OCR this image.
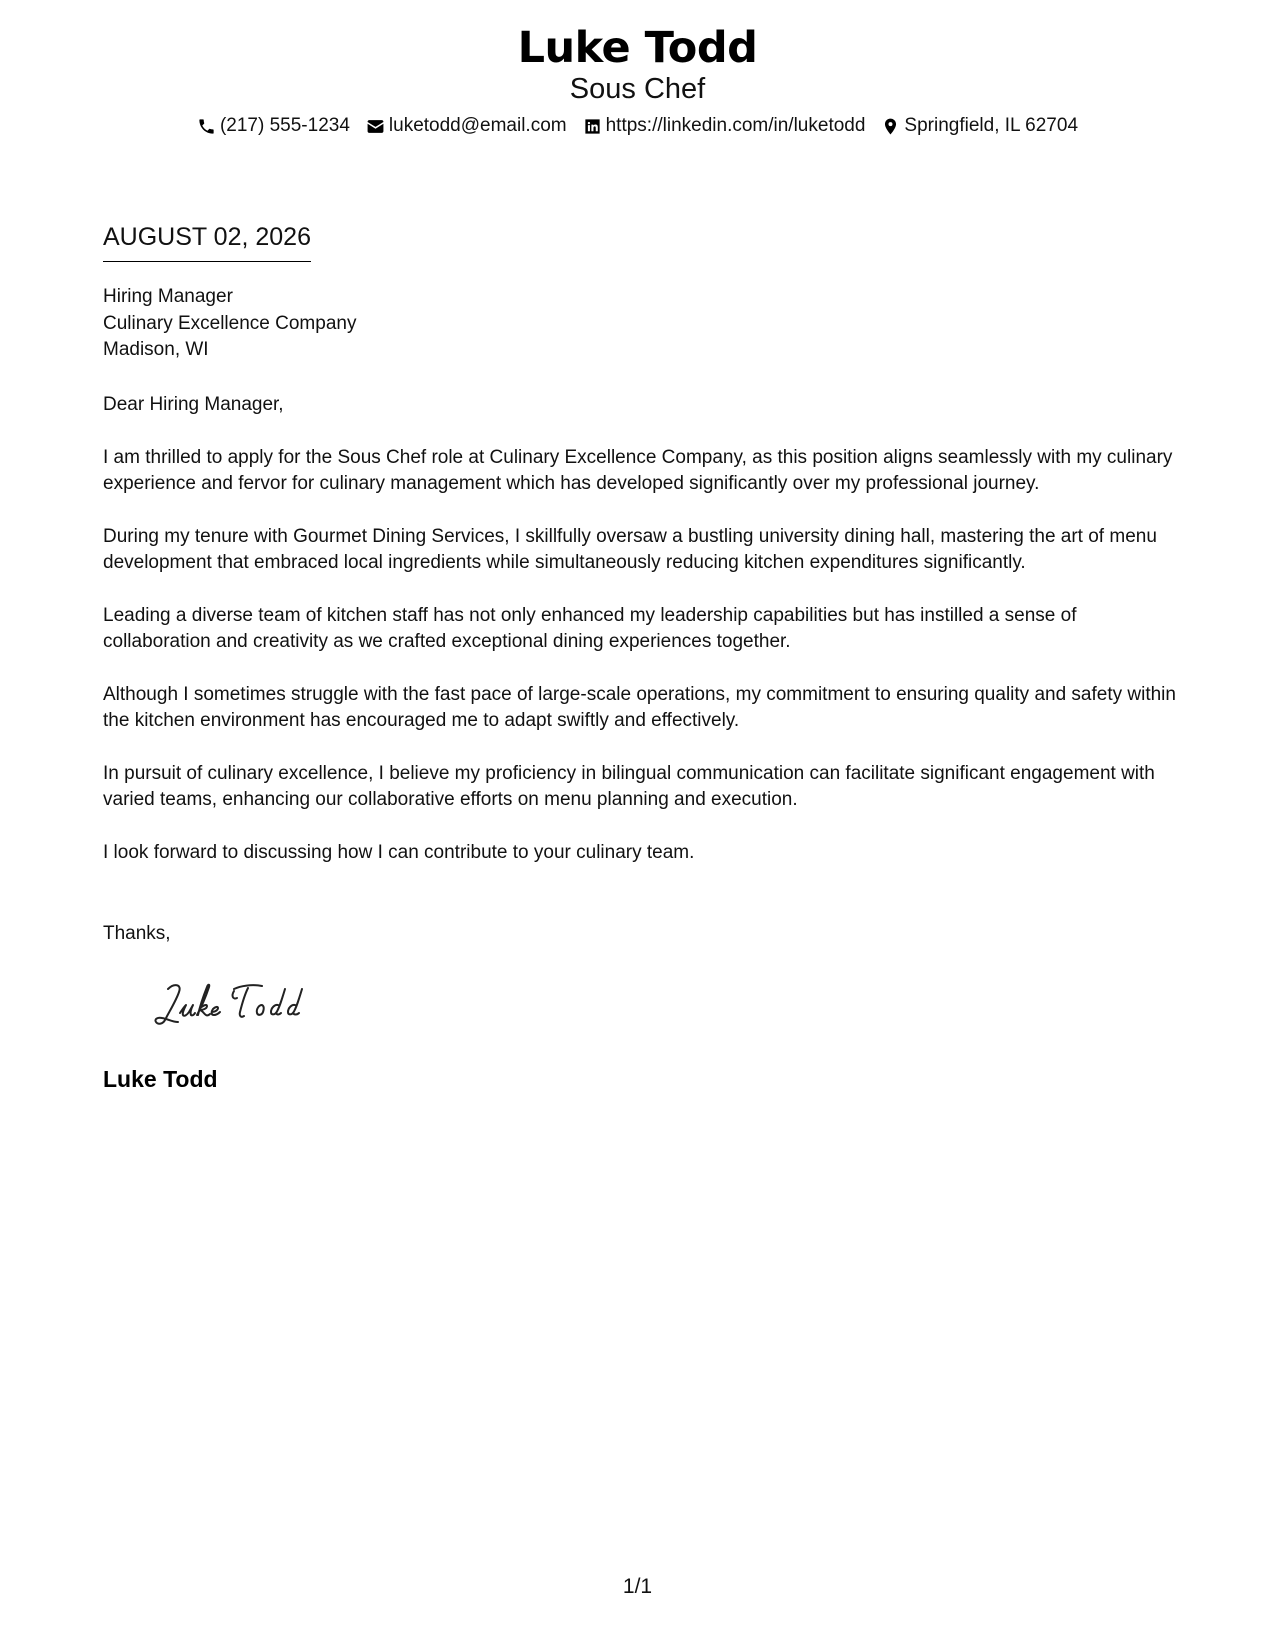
Luke Todd
Sous Chef
(217) 555-1234 luketodd@email.com https://linkedin.com/in/luketodd Springfield, IL 62704
AUGUST 02, 2026
Hiring Manager
Culinary Excellence Company
Madison, WI

Dear Hiring Manager,

I am thrilled to apply for the Sous Chef role at Culinary Excellence Company, as this position aligns seamlessly with my culinary experience and fervor for culinary management which has developed significantly over my professional journey.

During my tenure with Gourmet Dining Services, I skillfully oversaw a bustling university dining hall, mastering the art of menu development that embraced local ingredients while simultaneously reducing kitchen expenditures significantly.

Leading a diverse team of kitchen staff has not only enhanced my leadership capabilities but has instilled a sense of collaboration and creativity as we crafted exceptional dining experiences together.

Although I sometimes struggle with the fast pace of large-scale operations, my commitment to ensuring quality and safety within the kitchen environment has encouraged me to adapt swiftly and effectively.

In pursuit of culinary excellence, I believe my proficiency in bilingual communication can facilitate significant engagement with varied teams, enhancing our collaborative efforts on menu planning and execution.

I look forward to discussing how I can contribute to your culinary team.

Thanks,
Luke Todd
1/1
